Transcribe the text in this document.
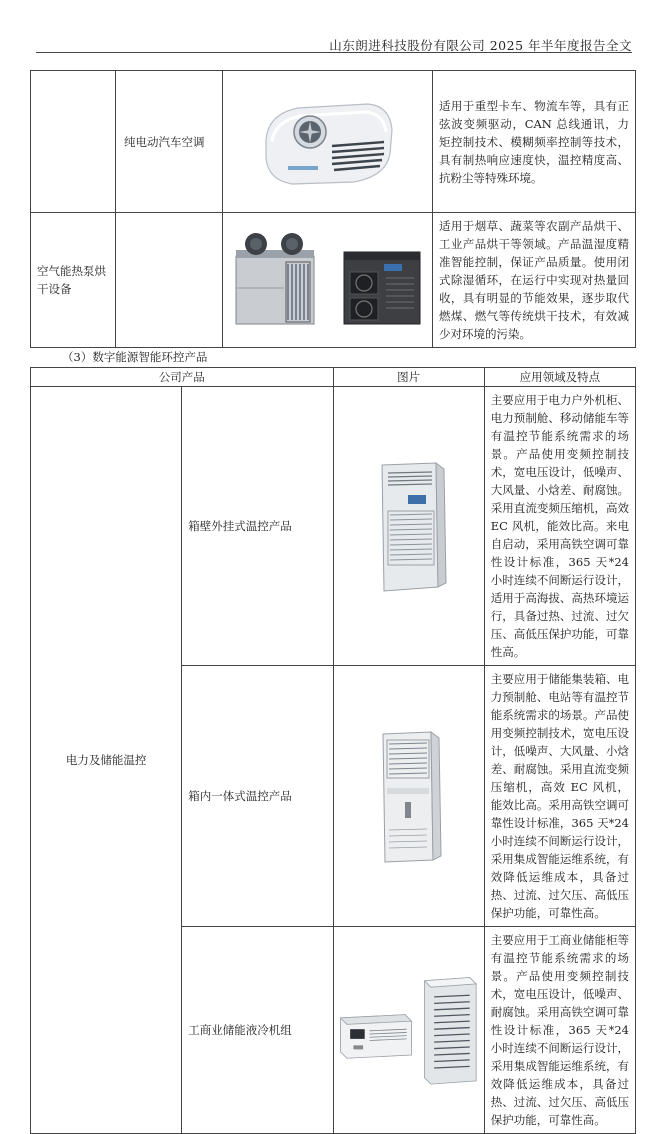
山东朗进科技股份有限公司 2025 年半年度报告全文
	纯电动汽车空调		适用于重型卡车、物流车等，具有正弦波变频驱动，CAN 总线通讯，力矩控制技术、模糊频率控制等技术，具有制热响应速度快，温控精度高、抗粉尘等特殊环境。
空气能热泵烘干设备			适用于烟草、蔬菜等农副产品烘干、工业产品烘干等领域。产品温湿度精准智能控制，保证产品质量。使用闭式除湿循环，在运行中实现对热量回收，具有明显的节能效果，逐步取代燃煤、燃气等传统烘干技术，有效减少对环境的污染。
（3）数字能源智能环控产品
公司产品		图片	应用领域及特点
电力及储能温控	箱壁外挂式温控产品		主要应用于电力户外机柜、电力预制舱、移动储能车等有温控节能系统需求的场景。产品使用变频控制技术，宽电压设计，低噪声、大风量、小焓差、耐腐蚀。采用直流变频压缩机，高效 EC 风机，能效比高。来电自启动，采用高铁空调可靠性设计标准，365 天*24 小时连续不间断运行设计，适用于高海拔、高热环境运行，具备过热、过流、过欠压、高低压保护功能，可靠性高。
	箱内一体式温控产品		主要应用于储能集装箱、电力预制舱、电站等有温控节能系统需求的场景。产品使用变频控制技术，宽电压设计，低噪声、大风量、小焓差、耐腐蚀。采用直流变频压缩机，高效 EC 风机，能效比高。采用高铁空调可靠性设计标准，365 天*24 小时连续不间断运行设计，采用集成智能运维系统，有效降低运维成本，具备过热、过流、过欠压、高低压保护功能，可靠性高。
	工商业储能液冷机组		主要应用于工商业储能柜等有温控节能系统需求的场景。产品使用变频控制技术，宽电压设计，低噪声、耐腐蚀。采用高铁空调可靠性设计标准，365 天*24 小时连续不间断运行设计，采用集成智能运维系统，有效降低运维成本，具备过热、过流、过欠压、高低压保护功能，可靠性高。
